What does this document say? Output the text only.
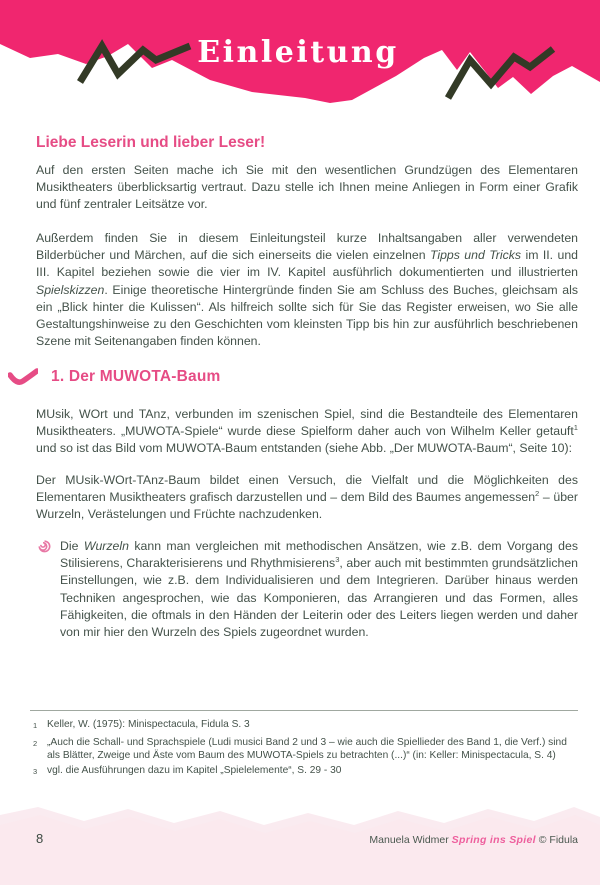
Einleitung
Liebe Leserin und lieber Leser!

Auf den ersten Seiten mache ich Sie mit den wesentlichen Grundzügen des Elementaren Musiktheaters überblicksartig vertraut. Dazu stelle ich Ihnen meine Anliegen in Form einer Grafik und fünf zentraler Leitsätze vor.

Außerdem finden Sie in diesem Einleitungsteil kurze Inhaltsangaben aller verwendeten Bilderbücher und Märchen, auf die sich einerseits die vielen einzelnen Tipps und Tricks im II. und III. Kapitel beziehen sowie die vier im IV. Kapitel ausführlich dokumentierten und illustrierten Spielskizzen. Einige theoretische Hintergründe finden Sie am Schluss des Buches, gleichsam als ein „Blick hinter die Kulissen“. Als hilfreich sollte sich für Sie das Register erweisen, wo Sie alle Gestaltungshinweise zu den Geschichten vom kleinsten Tipp bis hin zur ausführlich beschriebenen Szene mit Seitenangaben finden können.

1. Der MUWOTA-Baum

MUsik, WOrt und TAnz, verbunden im szenischen Spiel, sind die Bestandteile des Elementaren Musiktheaters. „MUWOTA-Spiele“ wurde diese Spielform daher auch von Wilhelm Keller getauft$^1$ und so ist das Bild vom MUWOTA-Baum entstanden (siehe Abb. „Der MUWOTA-Baum“, Seite 10):

Der MUsik-WOrt-TAnz-Baum bildet einen Versuch, die Vielfalt und die Möglichkeiten des Elementaren Musiktheaters grafisch darzustellen und – dem Bild des Baumes angemessen$^2$ – über Wurzeln, Verästelungen und Früchte nachzudenken.

Die Wurzeln kann man vergleichen mit methodischen Ansätzen, wie z.B. dem Vorgang des Stilisierens, Charakterisierens und Rhythmisierens$^3$, aber auch mit bestimmten grundsätzlichen Einstellungen, wie z.B. dem Individualisieren und dem Integrieren. Darüber hinaus werden Techniken angesprochen, wie das Komponieren, das Arrangieren und das Formen, alles Fähigkeiten, die oftmals in den Händen der Leiterin oder des Leiters liegen werden und daher von mir hier den Wurzeln des Spiels zugeordnet wurden.
1 Keller, W. (1975): Minispectacula, Fidula S. 3
2 „Auch die Schall- und Sprachspiele (Ludi musici Band 2 und 3 – wie auch die Spiellieder des Band 1, die Verf.) sind als Blätter, Zweige und Äste vom Baum des MUWOTA-Spiels zu betrachten (...)“ (in: Keller: Minispectacula, S. 4)
3 vgl. die Ausführungen dazu im Kapitel „Spielelemente“, S. 29 - 30
8	Manuela Widmer Spring ins Spiel © Fidula
